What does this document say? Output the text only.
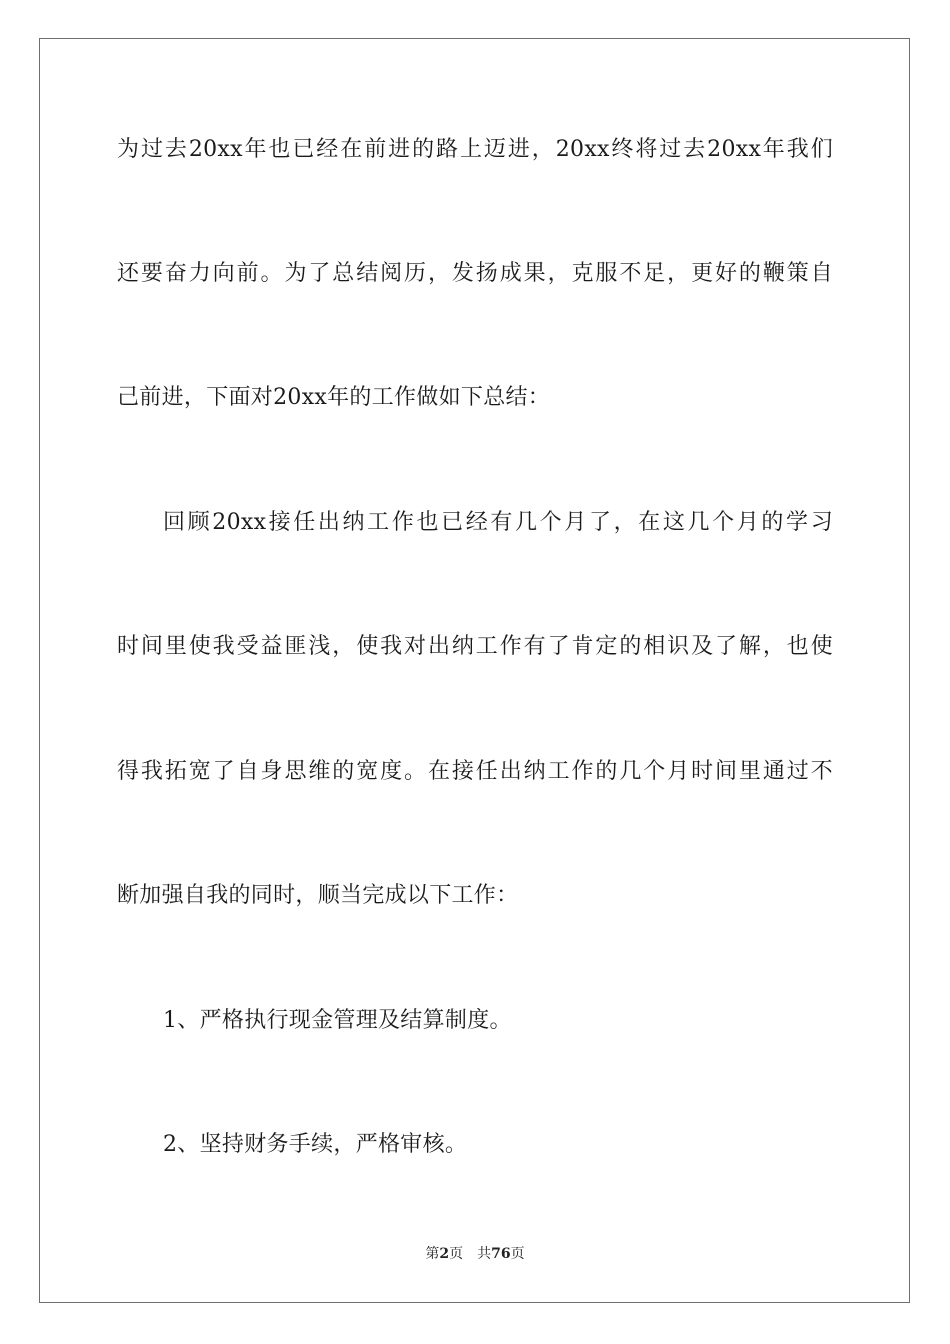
为过去20xx年也已经在前进的路上迈进，20xx终将过去20xx年我们
还要奋力向前。为了总结阅历，发扬成果，克服不足，更好的鞭策自
己前进，下面对20xx年的工作做如下总结：
回顾20xx接任出纳工作也已经有几个月了，在这几个月的学习
时间里使我受益匪浅，使我对出纳工作有了肯定的相识及了解，也使
得我拓宽了自身思维的宽度。在接任出纳工作的几个月时间里通过不
断加强自我的同时，顺当完成以下工作：
1、严格执行现金管理及结算制度。
2、坚持财务手续，严格审核。
第2页 共76页
